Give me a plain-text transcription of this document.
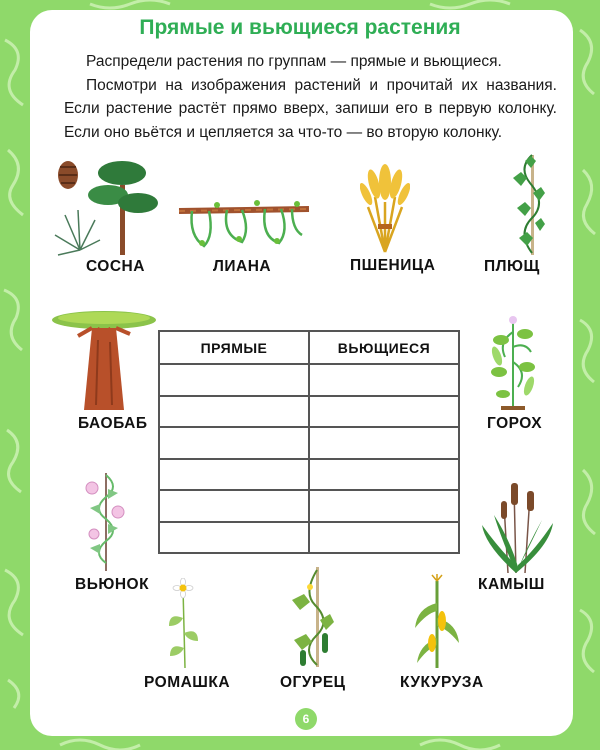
Прямые и вьющиеся растения

Распредели растения по группам — прямые и вьющиеся.

Посмотри на изображения растений и прочитай их названия. Если растение растёт прямо вверх, запиши его в первую колонку. Если оно вьётся и цепляется за что-то — во вторую колонку.

СОСНА	ЛИАНА	ПШЕНИЦА	ПЛЮЩ
БАОБАБ	ГОРОХ
ВЬЮНОК	КАМЫШ
РОМАШКА	ОГУРЕЦ	КУКУРУЗА
ПРЯМЫЕ	ВЬЮЩИЕСЯ

6
